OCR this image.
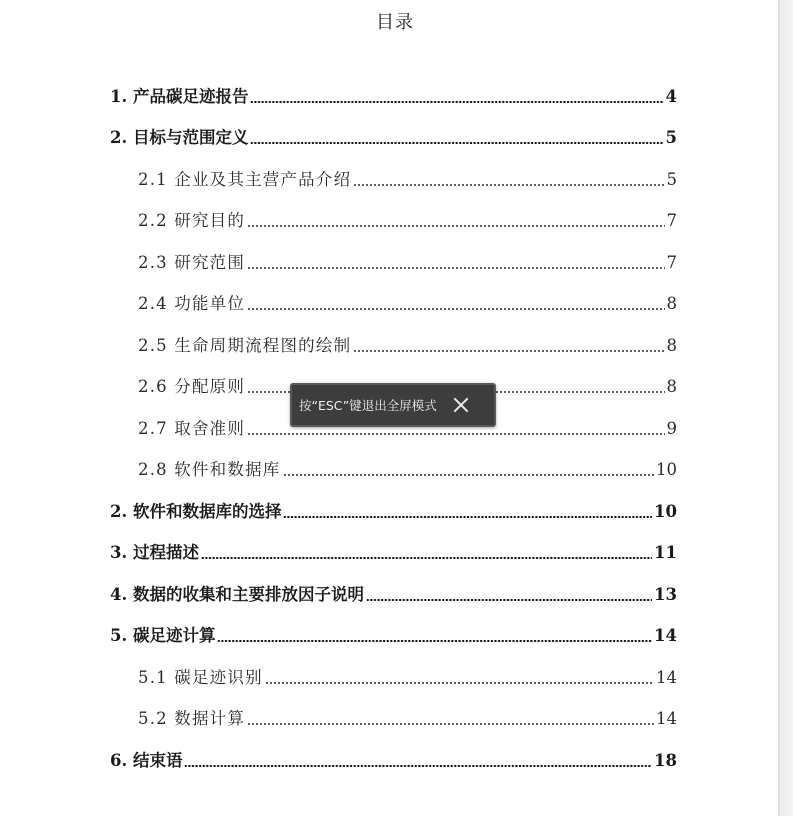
目录
1. 产品碳足迹报告	4
2. 目标与范围定义	5
2.1 企业及其主营产品介绍	5
2.2 研究目的	7
2.3 研究范围	7
2.4 功能单位	8
2.5 生命周期流程图的绘制	8
2.6 分配原则	8
2.7 取舍准则	9
2.8 软件和数据库	10
2. 软件和数据库的选择	10
3. 过程描述	11
4. 数据的收集和主要排放因子说明	13
5. 碳足迹计算	14
5.1 碳足迹识别	14
5.2 数据计算	14
6. 结束语	18
按“ESC”键退出全屏模式
